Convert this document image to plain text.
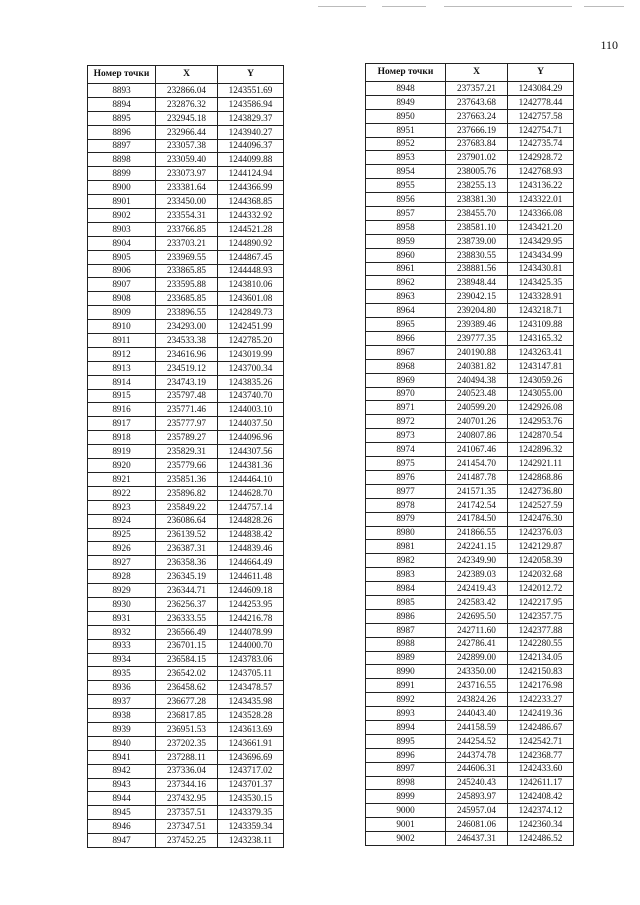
110
Номер точки	X	Y
8893	232866.04	1243551.69
8894	232876.32	1243586.94
8895	232945.18	1243829.37
8896	232966.44	1243940.27
8897	233057.38	1244096.37
8898	233059.40	1244099.88
8899	233073.97	1244124.94
8900	233381.64	1244366.99
8901	233450.00	1244368.85
8902	233554.31	1244332.92
8903	233766.85	1244521.28
8904	233703.21	1244890.92
8905	233969.55	1244867.45
8906	233865.85	1244448.93
8907	233595.88	1243810.06
8908	233685.85	1243601.08
8909	233896.55	1242849.73
8910	234293.00	1242451.99
8911	234533.38	1242785.20
8912	234616.96	1243019.99
8913	234519.12	1243700.34
8914	234743.19	1243835.26
8915	235797.48	1243740.70
8916	235771.46	1244003.10
8917	235777.97	1244037.50
8918	235789.27	1244096.96
8919	235829.31	1244307.56
8920	235779.66	1244381.36
8921	235851.36	1244464.10
8922	235896.82	1244628.70
8923	235849.22	1244757.14
8924	236086.64	1244828.26
8925	236139.52	1244838.42
8926	236387.31	1244839.46
8927	236358.36	1244664.49
8928	236345.19	1244611.48
8929	236344.71	1244609.18
8930	236256.37	1244253.95
8931	236333.55	1244216.78
8932	236566.49	1244078.99
8933	236701.15	1244000.70
8934	236584.15	1243783.06
8935	236542.02	1243705.11
8936	236458.62	1243478.57
8937	236677.28	1243435.98
8938	236817.85	1243528.28
8939	236951.53	1243613.69
8940	237202.35	1243661.91
8941	237288.11	1243696.69
8942	237336.04	1243717.02
8943	237344.16	1243701.37
8944	237432.95	1243530.15
8945	237357.51	1243379.35
8946	237347.51	1243359.34
8947	237452.25	1243238.11
Номер точки	X	Y
8948	237357.21	1243084.29
8949	237643.68	1242778.44
8950	237663.24	1242757.58
8951	237666.19	1242754.71
8952	237683.84	1242735.74
8953	237901.02	1242928.72
8954	238005.76	1242768.93
8955	238255.13	1243136.22
8956	238381.30	1243322.01
8957	238455.70	1243366.08
8958	238581.10	1243421.20
8959	238739.00	1243429.95
8960	238830.55	1243434.99
8961	238881.56	1243430.81
8962	238948.44	1243425.35
8963	239042.15	1243328.91
8964	239204.80	1243218.71
8965	239389.46	1243109.88
8966	239777.35	1243165.32
8967	240190.88	1243263.41
8968	240381.82	1243147.81
8969	240494.38	1243059.26
8970	240523.48	1243055.00
8971	240599.20	1242926.08
8972	240701.26	1242953.76
8973	240807.86	1242870.54
8974	241067.46	1242896.32
8975	241454.70	1242921.11
8976	241487.78	1242868.86
8977	241571.35	1242736.80
8978	241742.54	1242527.59
8979	241784.50	1242476.30
8980	241866.55	1242376.03
8981	242241.15	1242129.87
8982	242349.90	1242058.39
8983	242389.03	1242032.68
8984	242419.43	1242012.72
8985	242583.42	1242217.95
8986	242695.50	1242357.75
8987	242711.60	1242377.88
8988	242786.41	1242280.55
8989	242899.00	1242134.05
8990	243350.00	1242150.83
8991	243716.55	1242176.98
8992	243824.26	1242233.27
8993	244043.40	1242419.36
8994	244158.59	1242486.67
8995	244254.52	1242542.71
8996	244374.78	1242368.77
8997	244606.31	1242433.60
8998	245240.43	1242611.17
8999	245893.97	1242408.42
9000	245957.04	1242374.12
9001	246081.06	1242360.34
9002	246437.31	1242486.52
